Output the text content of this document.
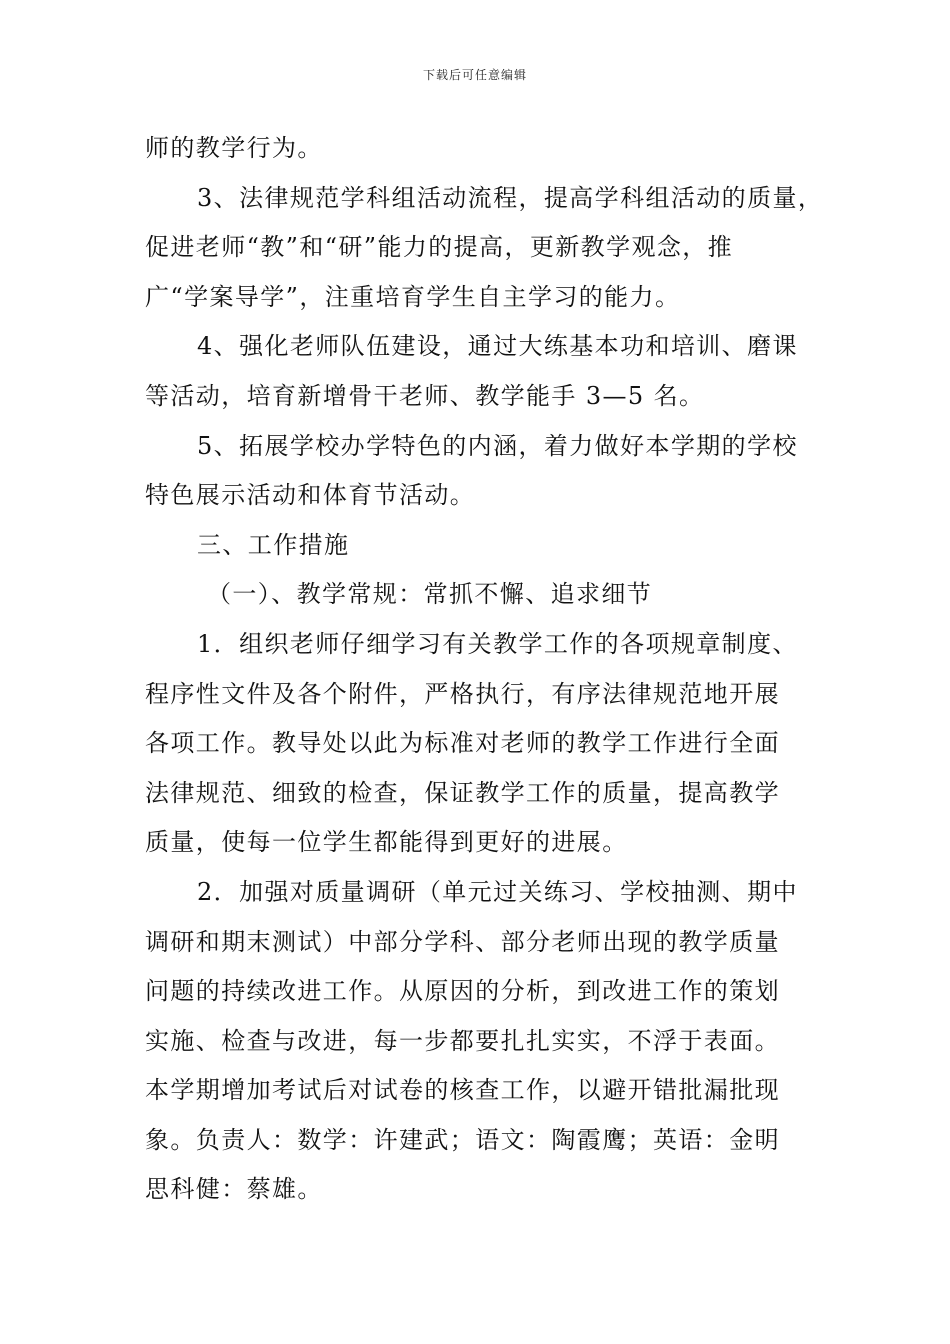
下载后可任意编辑
师的教学行为。
3、法律规范学科组活动流程，提高学科组活动的质量，
促进老师“教”和“研”能力的提高，更新教学观念，推
广“学案导学”，注重培育学生自主学习的能力。
4、强化老师队伍建设，通过大练基本功和培训、磨课
等活动，培育新增骨干老师、教学能手 3—5 名。
5、拓展学校办学特色的内涵，着力做好本学期的学校
特色展示活动和体育节活动。
三、工作措施
（一）、教学常规：常抓不懈、追求细节
1．组织老师仔细学习有关教学工作的各项规章制度、
程序性文件及各个附件，严格执行，有序法律规范地开展
各项工作。教导处以此为标准对老师的教学工作进行全面
法律规范、细致的检查，保证教学工作的质量，提高教学
质量，使每一位学生都能得到更好的进展。
2．加强对质量调研（单元过关练习、学校抽测、期中
调研和期末测试）中部分学科、部分老师出现的教学质量
问题的持续改进工作。从原因的分析，到改进工作的策划
实施、检查与改进，每一步都要扎扎实实，不浮于表面。
本学期增加考试后对试卷的核查工作，以避开错批漏批现
象。负责人：数学：许建武；语文：陶霞鹰；英语：金明
思科健：蔡雄。
